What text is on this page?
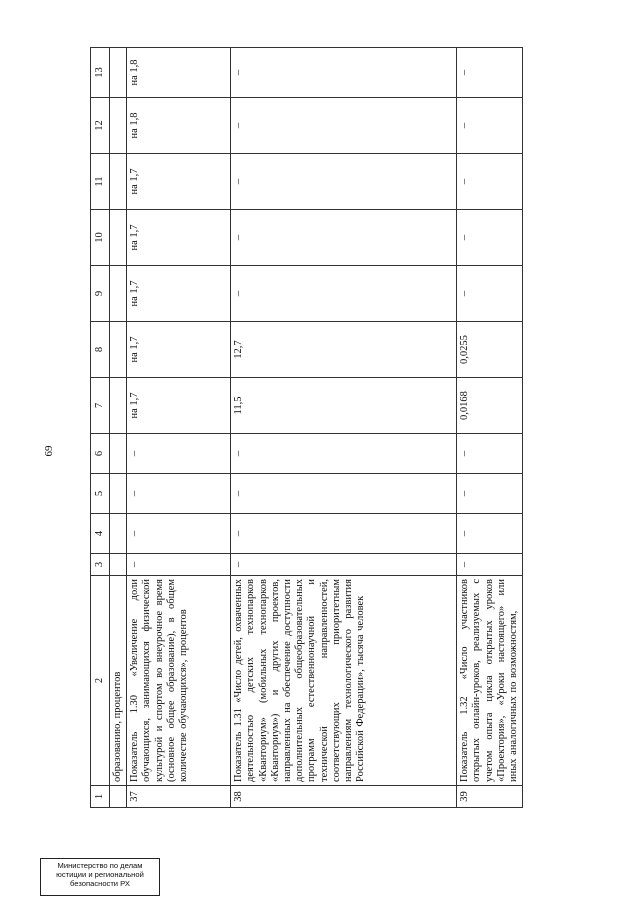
69
1	2	3	4	5	6	7	8	9	10	11	12	13
	образованию, процентов											
37	Показатель 1.30 «Увеличение доли обучающихся, занимающихся физической культурой и спортом во внеурочное время (основное общее образование), в общем количестве обучающихся», процентов	–	–	–	–	на 1,7	на 1,7	на 1,7	на 1,7	на 1,7	на 1,8	на 1,8
38	Показатель 1.31 «Число детей, охваченных деятельностью детских технопарков «Кванториум» (мобильных технопарков «Кванториум») и других проектов, направленных на обеспечение доступности дополнительных общеобразовательных программ естественнонаучной и технической направленностей, соответствующих приоритетным направлениям технологического развития Российской Федерации», тысяча человек	–	–	–	–	11,5	12,7	–	–	–	–	–
39	Показатель 1.32 «Число участников открытых онлайн-уроков, реализуемых с учетом опыта цикла открытых уроков «Проектория», «Уроки настоящего» или иных аналогичных по возможностям,	–	–	–	–	0,0168	0,0255	–	–	–	–	–
Министерство по делам
юстиции и региональной
безопасности РХ
